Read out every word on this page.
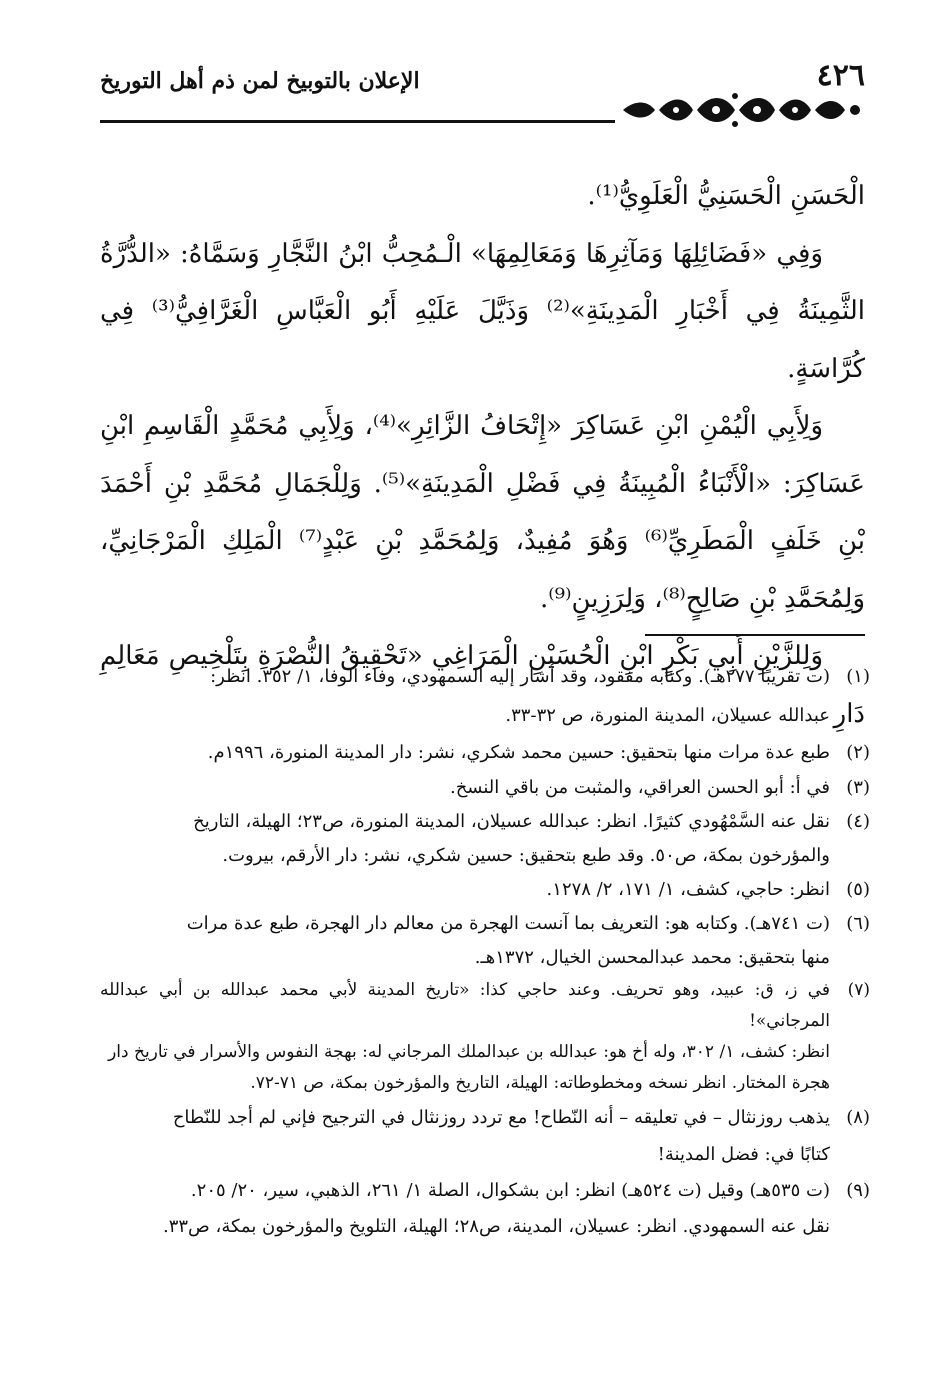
٤٢٦
الإعلان بالتوبيخ لمن ذم أهل التوريخ

الْحَسَنِ الْحَسَنِيُّ الْعَلَوِيُّ⁽¹⁾.

وَفِي «فَضَائِلِهَا وَمَآثِرِهَا وَمَعَالِمِهَا» الْـمُحِبُّ ابْنُ النَّجَّارِ وَسَمَّاهُ: «الدُّرَّةُ الثَّمِينَةُ فِي أَخْبَارِ الْمَدِينَةِ»⁽²⁾ وَذَيَّلَ عَلَيْهِ أَبُو الْعَبَّاسِ الْغَرَّافِيُّ⁽³⁾ فِي كُرَّاسَةٍ.

وَلِأَبِي الْيُمْنِ ابْنِ عَسَاكِرَ «إِتْحَافُ الزَّائِرِ»⁽⁴⁾، وَلِأَبِي مُحَمَّدٍ الْقَاسِمِ ابْنِ عَسَاكِرَ: «الْأَنْبَاءُ الْمُبِينَةُ فِي فَضْلِ الْمَدِينَةِ»⁽⁵⁾. وَلِلْجَمَالِ مُحَمَّدِ بْنِ أَحْمَدَ بْنِ خَلَفٍ الْمَطَرِيِّ⁽⁶⁾ وَهُوَ مُفِيدٌ، وَلِمُحَمَّدِ بْنِ عَبْدٍ⁽⁷⁾ الْمَلِكِ الْمَرْجَانِيِّ، وَلِمُحَمَّدِ بْنِ صَالِحٍ⁽⁸⁾، وَلِرَزِينٍ⁽⁹⁾.

وَلِلزَّيْنِ أَبِي بَكْرٍ ابْنِ الْحُسَيْنِ الْمَرَاغِي «تَحْقِيقُ النُّصْرَةِ بِتَلْخِيصِ مَعَالِمِ دَارِ

(١)
(ت تقريبًا ٢٧٧هـ). وكتابه مفقود، وقد أشار إليه السمهودي، وفاء الوفا، ١/ ٣٥٢. انظر:
عبدالله عسيلان، المدينة المنورة، ص ٣٢-٣٣.
(٢)
طبع عدة مرات منها بتحقيق: حسين محمد شكري، نشر: دار المدينة المنورة، ١٩٩٦م.
(٣)
في أ: أبو الحسن العراقي، والمثبت من باقي النسخ.
(٤)
نقل عنه السَّمْهُودي كثيرًا. انظر: عبدالله عسيلان، المدينة المنورة، ص٢٣؛ الهيلة، التاريخ
والمؤرخون بمكة، ص٥٠. وقد طبع بتحقيق: حسين شكري، نشر: دار الأرقم، بيروت.
(٥)
انظر: حاجي، كشف، ١/ ١٧١، ٢/ ١٢٧٨.
(٦)
(ت ٧٤١هـ). وكتابه هو: التعريف بما آنست الهجرة من معالم دار الهجرة، طبع عدة مرات
منها بتحقيق: محمد عبدالمحسن الخيال، ١٣٧٢هـ.
(٧)
في ز، ق: عبيد، وهو تحريف. وعند حاجي كذا: «تاريخ المدينة لأبي محمد عبدالله بن أبي عبدالله المرجاني»!
انظر: كشف، ١/ ٣٠٢، وله أخ هو: عبدالله بن عبدالملك المرجاني له: بهجة النفوس والأسرار في تاريخ دار
هجرة المختار. انظر نسخه ومخطوطاته: الهيلة، التاريخ والمؤرخون بمكة، ص ٧١-٧٢.
(٨)
يذهب روزنثال – في تعليقه – أنه النّطاح! مع تردد روزنثال في الترجيح فإني لم أجد للنّطاح
كتابًا في: فضل المدينة!
(٩)
(ت ٥٣٥هـ) وقيل (ت ٥٢٤هـ) انظر: ابن بشكوال، الصلة ١/ ٢٦١، الذهبي، سير، ٢٠/ ٢٠٥.
نقل عنه السمهودي. انظر: عسيلان، المدينة، ص٢٨؛ الهيلة، التلويخ والمؤرخون بمكة، ص٣٣.
